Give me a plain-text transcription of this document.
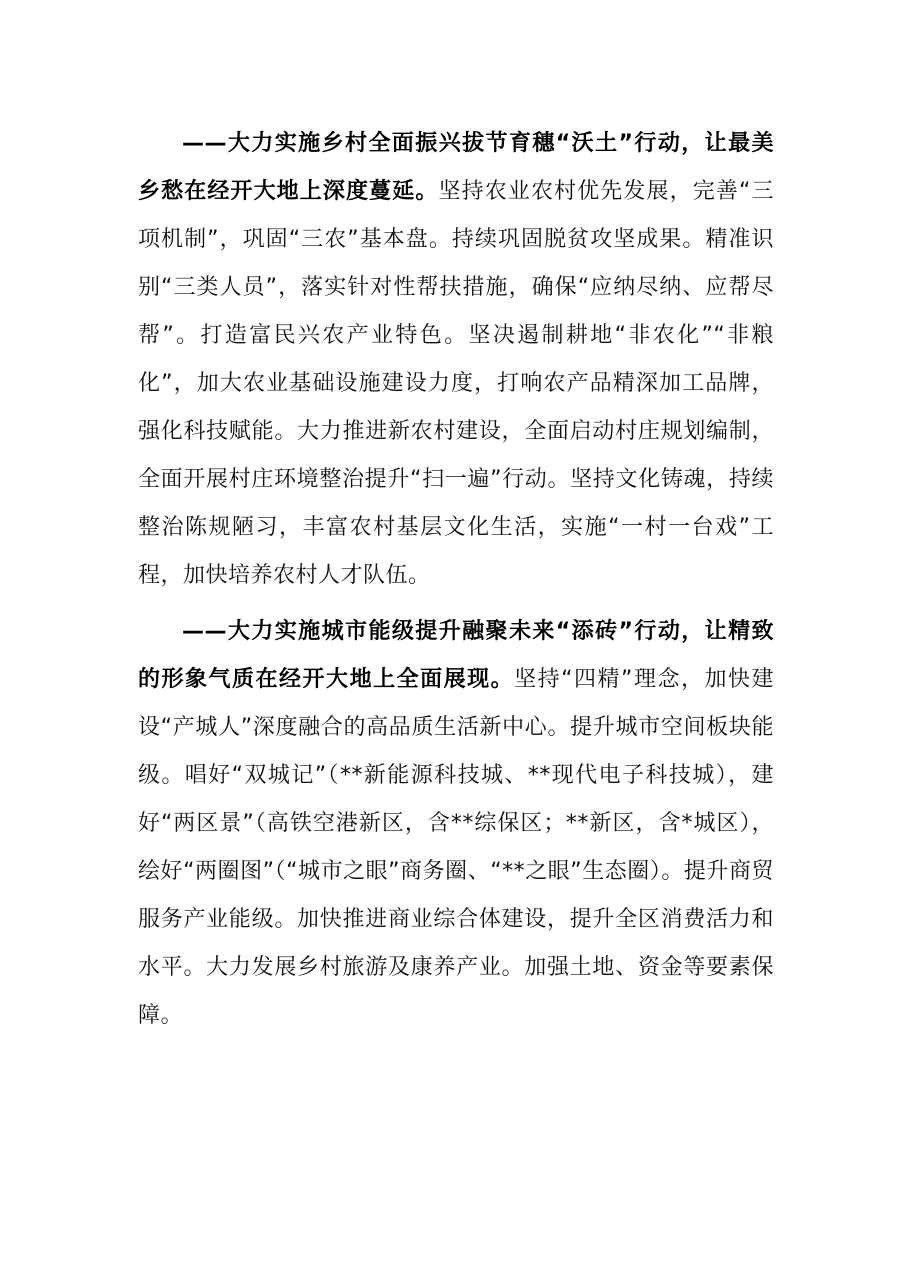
——大力实施乡村全面振兴拔节育穗“沃土”行动，让最美乡愁在经开大地上深度蔓延。坚持农业农村优先发展，完善“三项机制”，巩固“三农”基本盘。持续巩固脱贫攻坚成果。精准识别“三类人员”，落实针对性帮扶措施，确保“应纳尽纳、应帮尽帮”。打造富民兴农产业特色。坚决遏制耕地“非农化”“非粮化”，加大农业基础设施建设力度，打响农产品精深加工品牌，强化科技赋能。大力推进新农村建设，全面启动村庄规划编制，全面开展村庄环境整治提升“扫一遍”行动。坚持文化铸魂，持续整治陈规陋习，丰富农村基层文化生活，实施“一村一台戏”工程，加快培养农村人才队伍。

——大力实施城市能级提升融聚未来“添砖”行动，让精致的形象气质在经开大地上全面展现。坚持“四精”理念，加快建设“产城人”深度融合的高品质生活新中心。提升城市空间板块能级。唱好“双城记”（**新能源科技城、**现代电子科技城），建好“两区景”（高铁空港新区，含**综保区；**新区，含*城区），绘好“两圈图”（“城市之眼”商务圈、“**之眼”生态圈）。提升商贸服务产业能级。加快推进商业综合体建设，提升全区消费活力和水平。大力发展乡村旅游及康养产业。加强土地、资金等要素保障。
